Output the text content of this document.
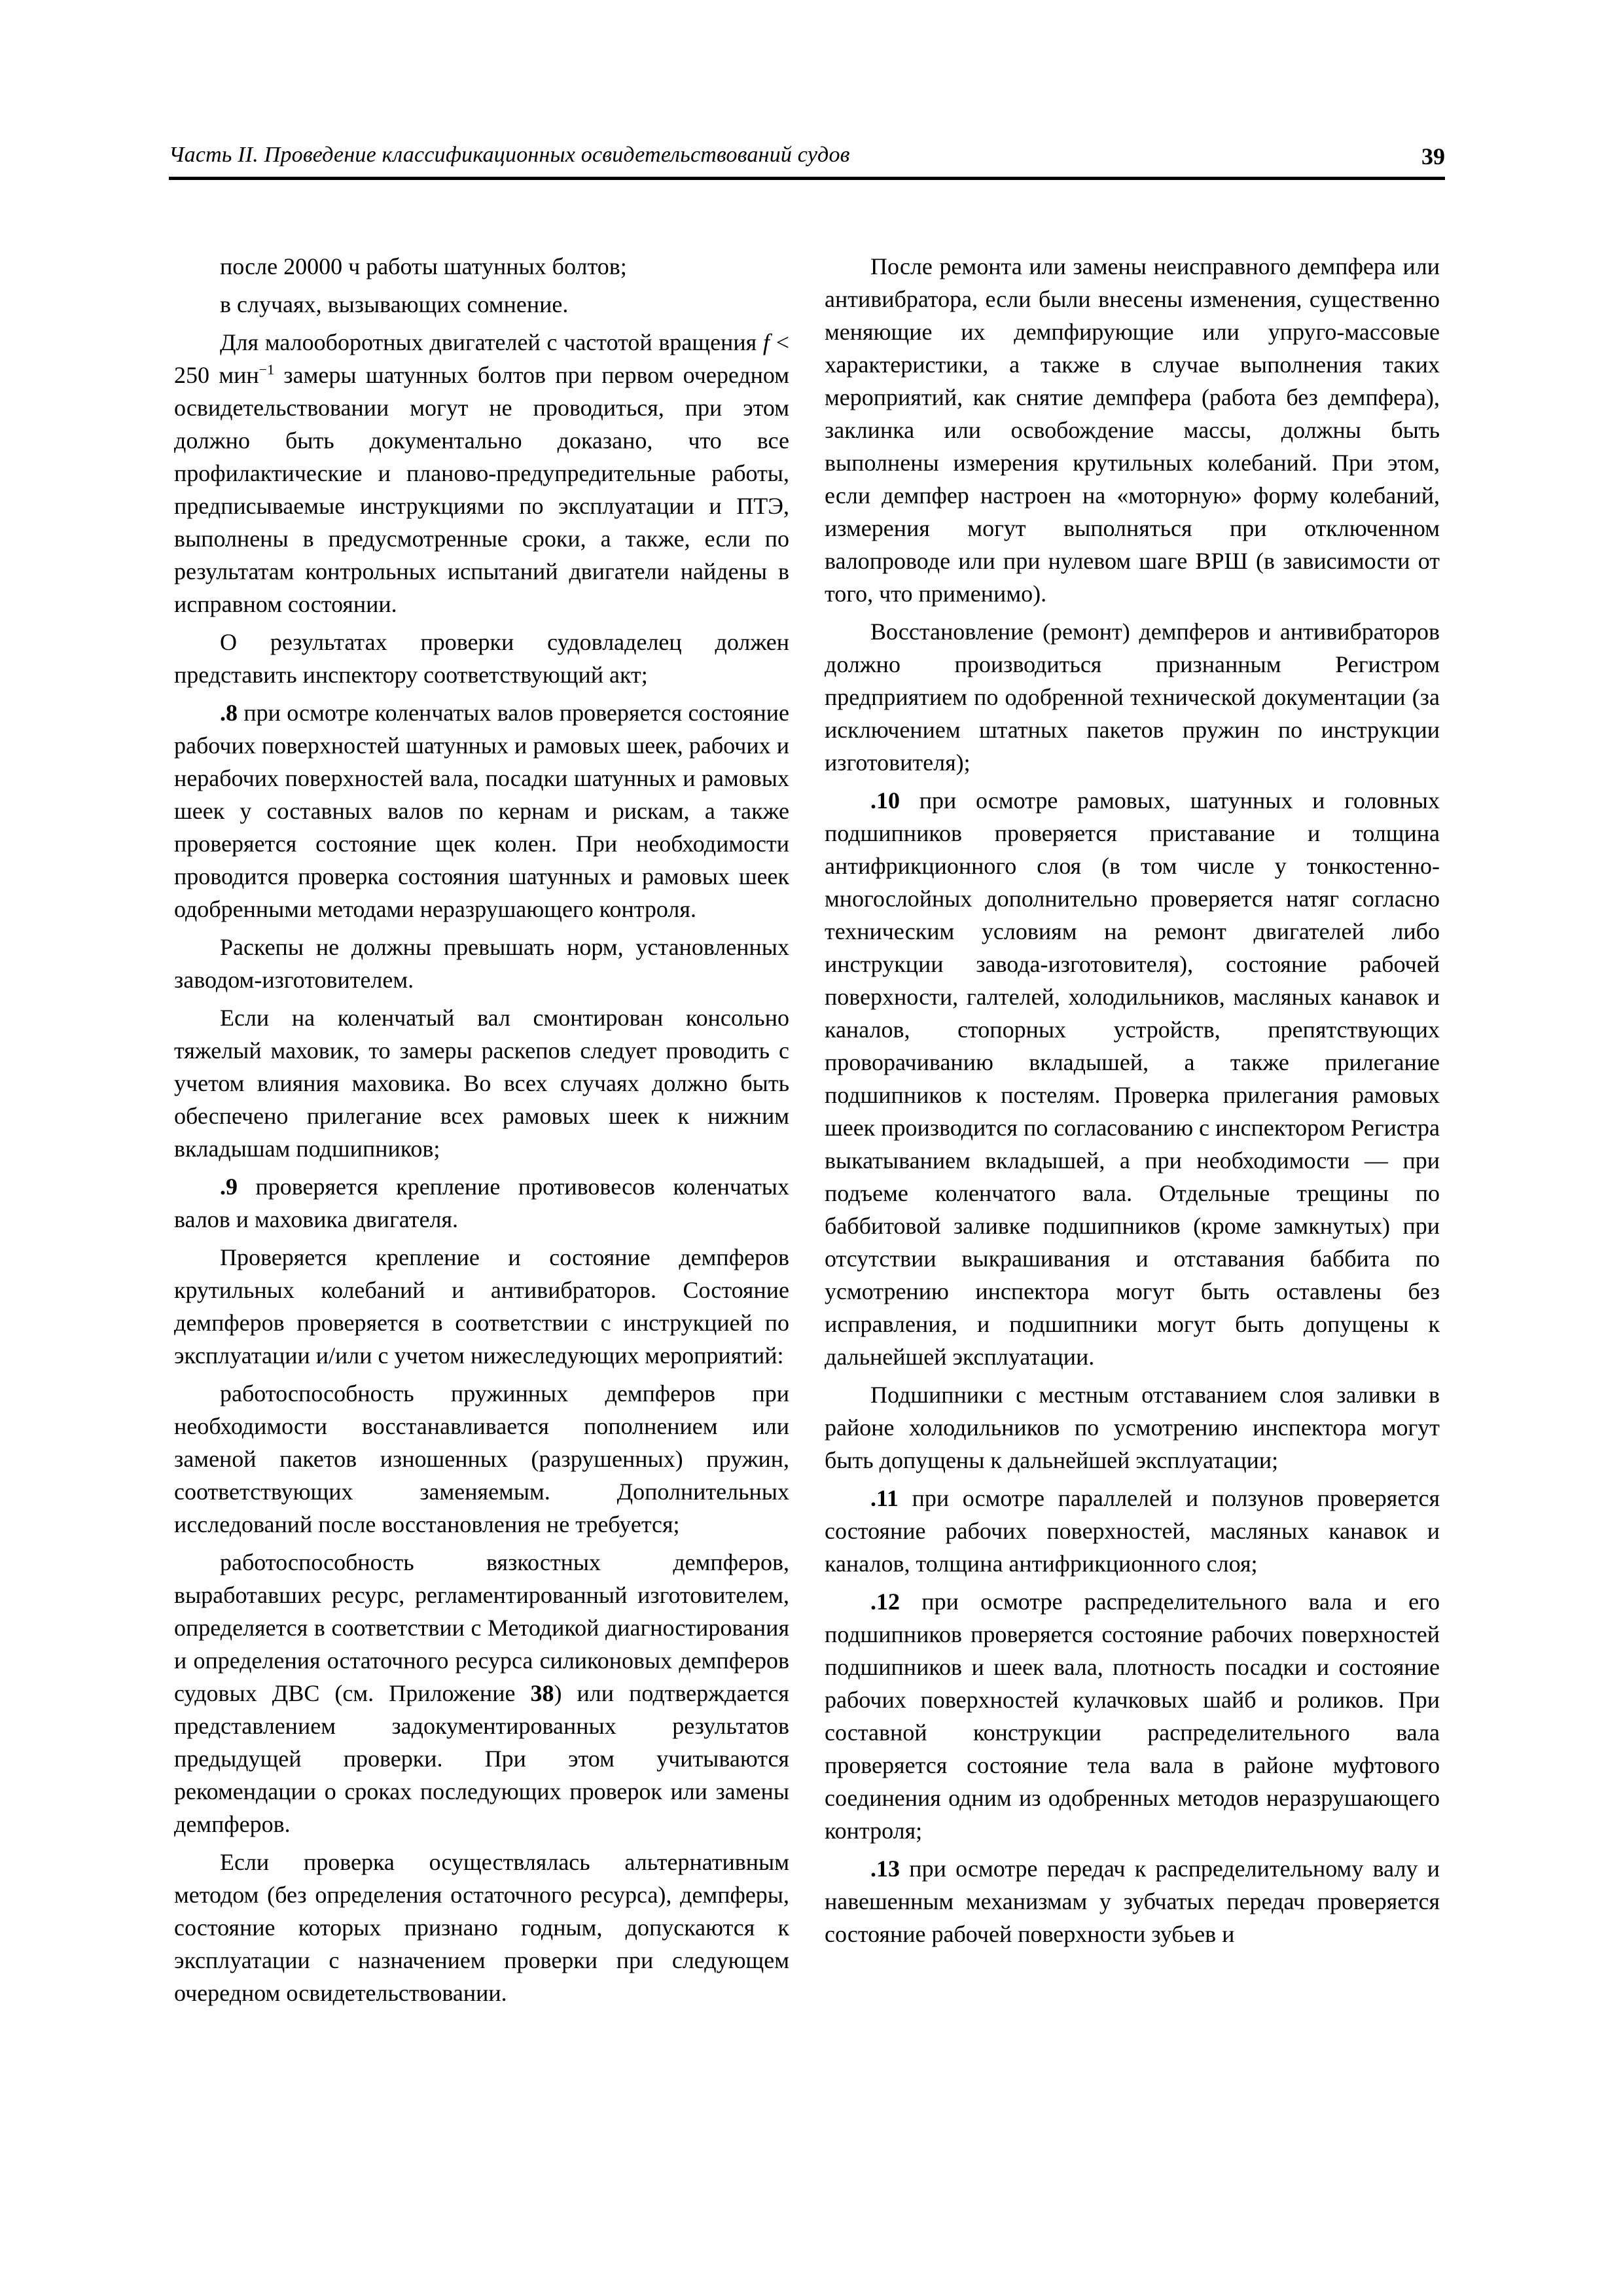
Часть II. Проведение классификационных освидетельствований судов	39

после 20000 ч работы шатунных болтов;

в случаях, вызывающих сомнение.

Для малооборотных двигателей с частотой вращения f < 250 мин$^{-1}$ замеры шатунных болтов при первом очередном освидетельствовании могут не проводиться, при этом должно быть документально доказано, что все профилактические и планово-предупредительные работы, предписываемые инструкциями по эксплуатации и ПТЭ, выполнены в предусмотренные сроки, а также, если по результатам контрольных испытаний двигатели найдены в исправном состоянии.

О результатах проверки судовладелец должен представить инспектору соответствующий акт;

.8 при осмотре коленчатых валов проверяется состояние рабочих поверхностей шатунных и рамовых шеек, рабочих и нерабочих поверхностей вала, посадки шатунных и рамовых шеек у составных валов по кернам и рискам, а также проверяется состояние щек колен. При необходимости проводится проверка состояния шатунных и рамовых шеек одобренными методами неразрушающего контроля.

Раскепы не должны превышать норм, установленных заводом-изготовителем.

Если на коленчатый вал смонтирован консольно тяжелый маховик, то замеры раскепов следует проводить с учетом влияния маховика. Во всех случаях должно быть обеспечено прилегание всех рамовых шеек к нижним вкладышам подшипников;

.9 проверяется крепление противовесов коленчатых валов и маховика двигателя.

Проверяется крепление и состояние демпферов крутильных колебаний и антивибраторов. Состояние демпферов проверяется в соответствии с инструкцией по эксплуатации и/или с учетом нижеследующих мероприятий:

работоспособность пружинных демпферов при необходимости восстанавливается пополнением или заменой пакетов изношенных (разрушенных) пружин, соответствующих заменяемым. Дополнительных исследований после восстановления не требуется;

работоспособность вязкостных демпферов, выработавших ресурс, регламентированный изготовителем, определяется в соответствии с Методикой диагностирования и определения остаточного ресурса силиконовых демпферов судовых ДВС (см. Приложение 38) или подтверждается представлением задокументированных результатов предыдущей проверки. При этом учитываются рекомендации о сроках последующих проверок или замены демпферов.

Если проверка осуществлялась альтернативным методом (без определения остаточного ресурса), демпферы, состояние которых признано годным, допускаются к эксплуатации с назначением проверки при следующем очередном освидетельствовании.

После ремонта или замены неисправного демпфера или антивибратора, если были внесены изменения, существенно меняющие их демпфирующие или упруго-массовые характеристики, а также в случае выполнения таких мероприятий, как снятие демпфера (работа без демпфера), заклинка или освобождение массы, должны быть выполнены измерения крутильных колебаний. При этом, если демпфер настроен на «моторную» форму колебаний, измерения могут выполняться при отключенном валопроводе или при нулевом шаге ВРШ (в зависимости от того, что применимо).

Восстановление (ремонт) демпферов и антивибраторов должно производиться признанным Регистром предприятием по одобренной технической документации (за исключением штатных пакетов пружин по инструкции изготовителя);

.10 при осмотре рамовых, шатунных и головных подшипников проверяется приставание и толщина антифрикционного слоя (в том числе у тонкостенно-многослойных дополнительно проверяется натяг согласно техническим условиям на ремонт двигателей либо инструкции завода-изготовителя), состояние рабочей поверхности, галтелей, холодильников, масляных канавок и каналов, стопорных устройств, препятствующих проворачиванию вкладышей, а также прилегание подшипников к постелям. Проверка прилегания рамовых шеек производится по согласованию с инспектором Регистра выкатыванием вкладышей, а при необходимости — при подъеме коленчатого вала. Отдельные трещины по баббитовой заливке подшипников (кроме замкнутых) при отсутствии выкрашивания и отставания баббита по усмотрению инспектора могут быть оставлены без исправления, и подшипники могут быть допущены к дальнейшей эксплуатации.

Подшипники с местным отставанием слоя заливки в районе холодильников по усмотрению инспектора могут быть допущены к дальнейшей эксплуатации;

.11 при осмотре параллелей и ползунов проверяется состояние рабочих поверхностей, масляных канавок и каналов, толщина антифрикционного слоя;

.12 при осмотре распределительного вала и его подшипников проверяется состояние рабочих поверхностей подшипников и шеек вала, плотность посадки и состояние рабочих поверхностей кулачковых шайб и роликов. При составной конструкции распределительного вала проверяется состояние тела вала в районе муфтового соединения одним из одобренных методов неразрушающего контроля;

.13 при осмотре передач к распределительному валу и навешенным механизмам у зубчатых передач проверяется состояние рабочей поверхности зубьев и
